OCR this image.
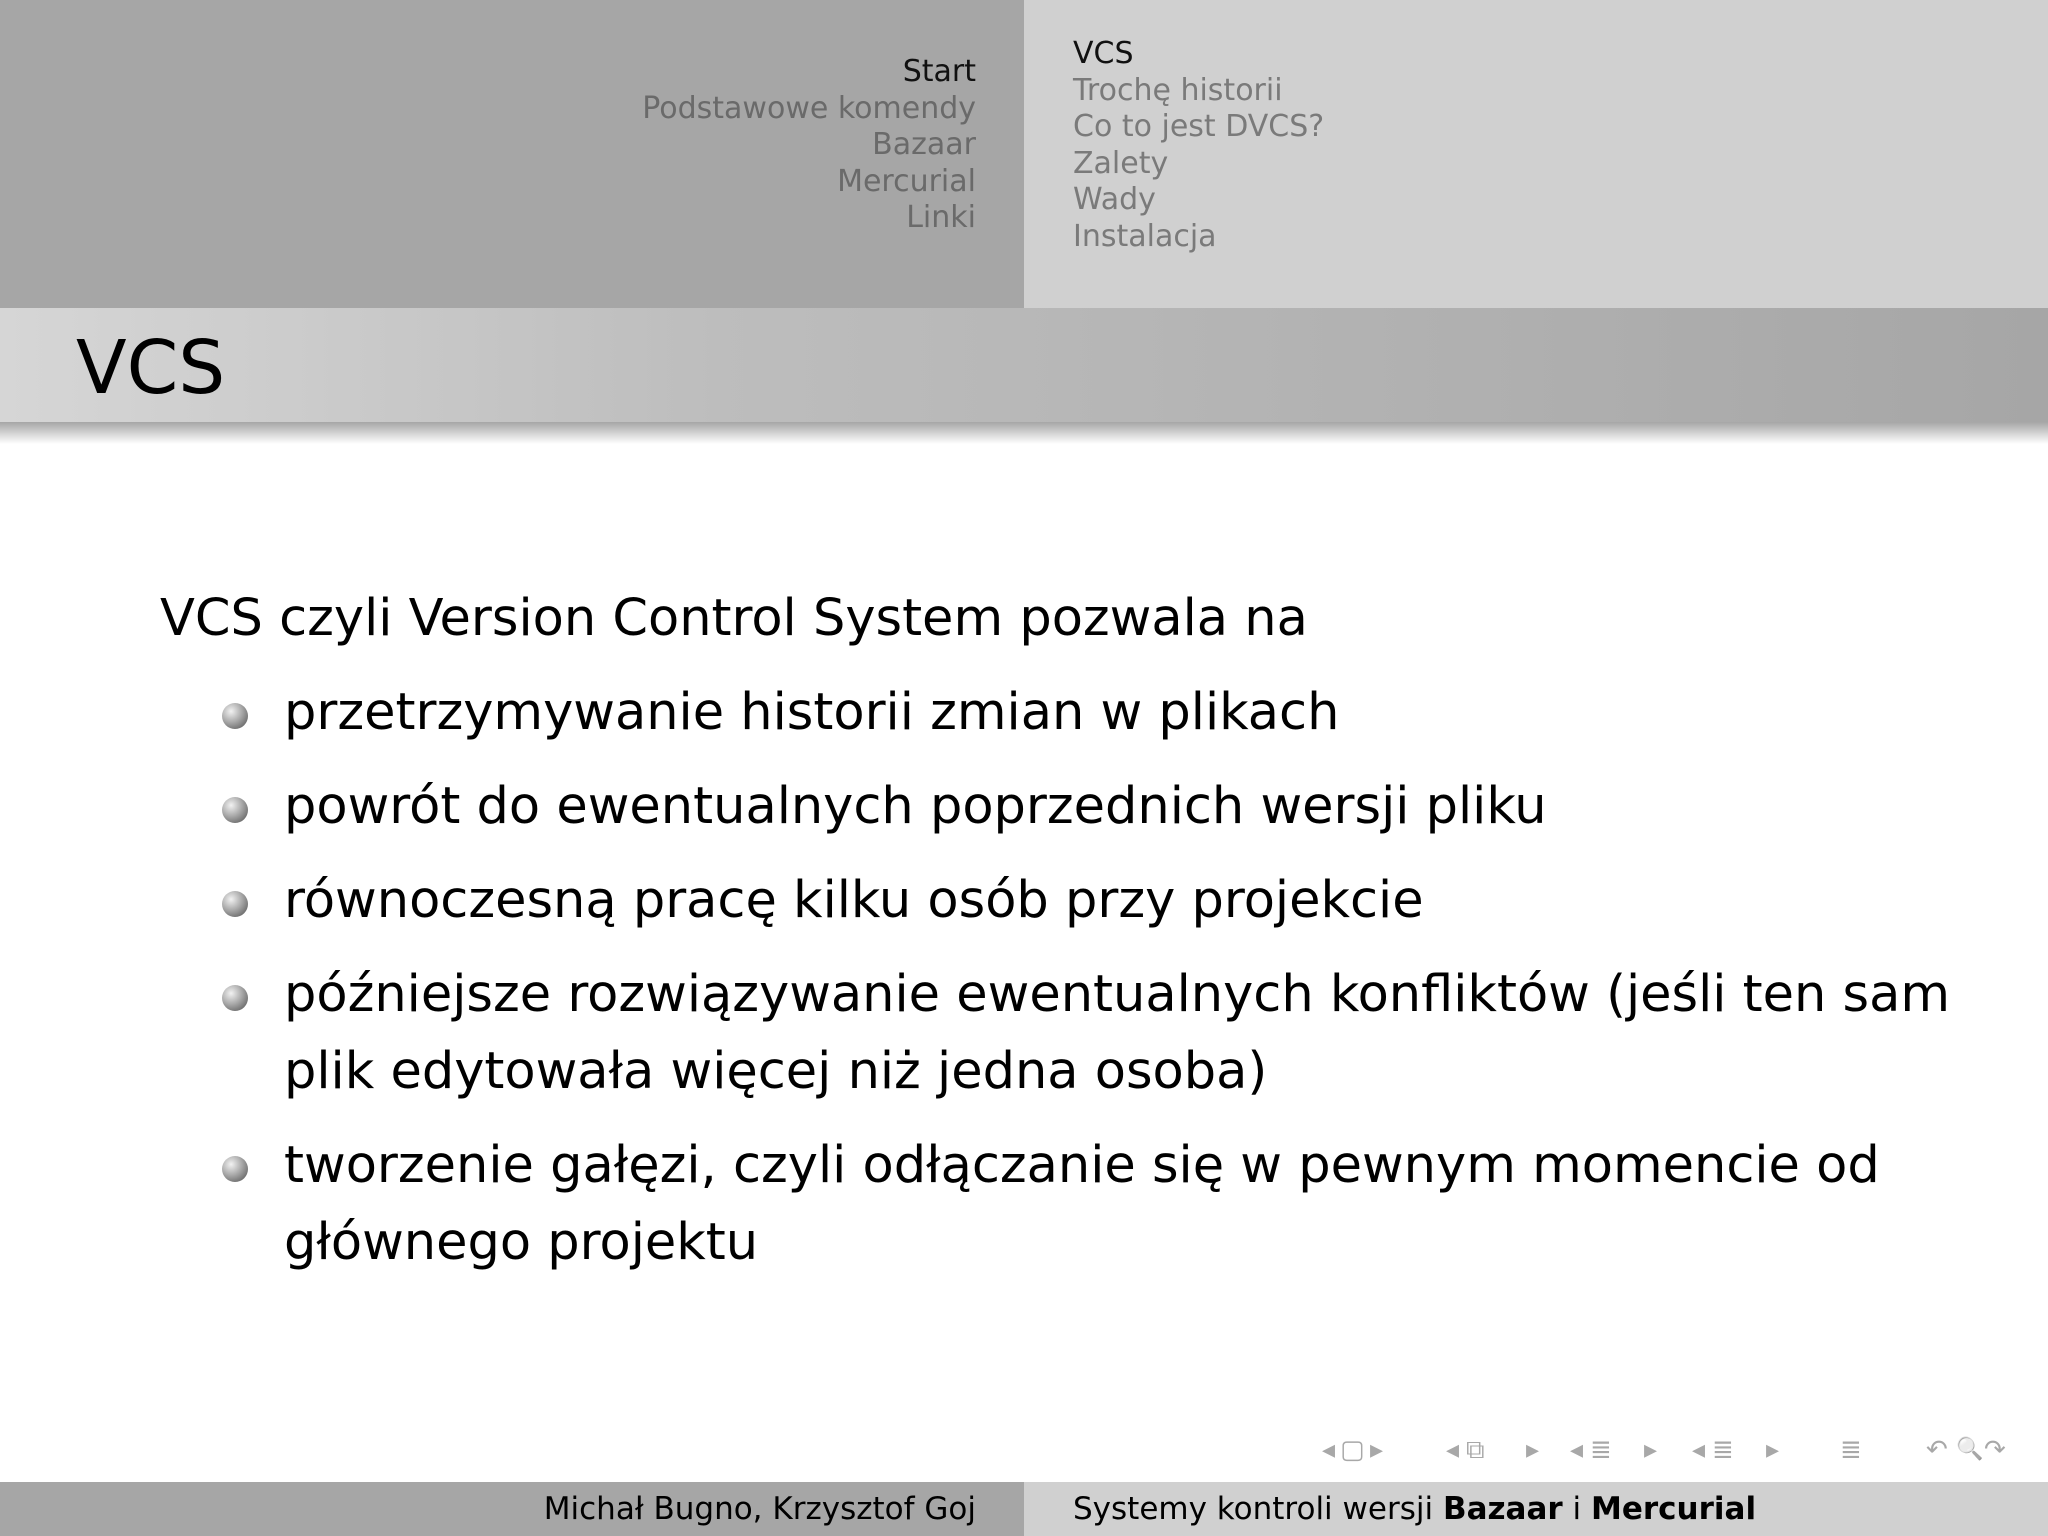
Start
Podstawowe komendy
Bazaar
Mercurial
Linki
VCS
Trochę historii
Co to jest DVCS?
Zalety
Wady
Instalacja
VCS
VCS czyli Version Control System pozwala na
przetrzymywanie historii zmian w plikach
powrót do ewentualnych poprzednich wersji pliku
równoczesną pracę kilku osób przy projekcie
późniejsze rozwiązywanie ewentualnych konfliktów (jeśli ten sam plik edytowała więcej niż jedna osoba)
tworzenie gałęzi, czyli odłączanie się w pewnym momencie od głównego projektu
◂ ▢ ▸ ◂ ⧉ ▸ ◂ ≣ ▸ ◂ ≣ ▸ ≣ ↶ 🔍 ↷
Michał Bugno, Krzysztof Goj	Systemy kontroli wersji Bazaar i Mercurial
